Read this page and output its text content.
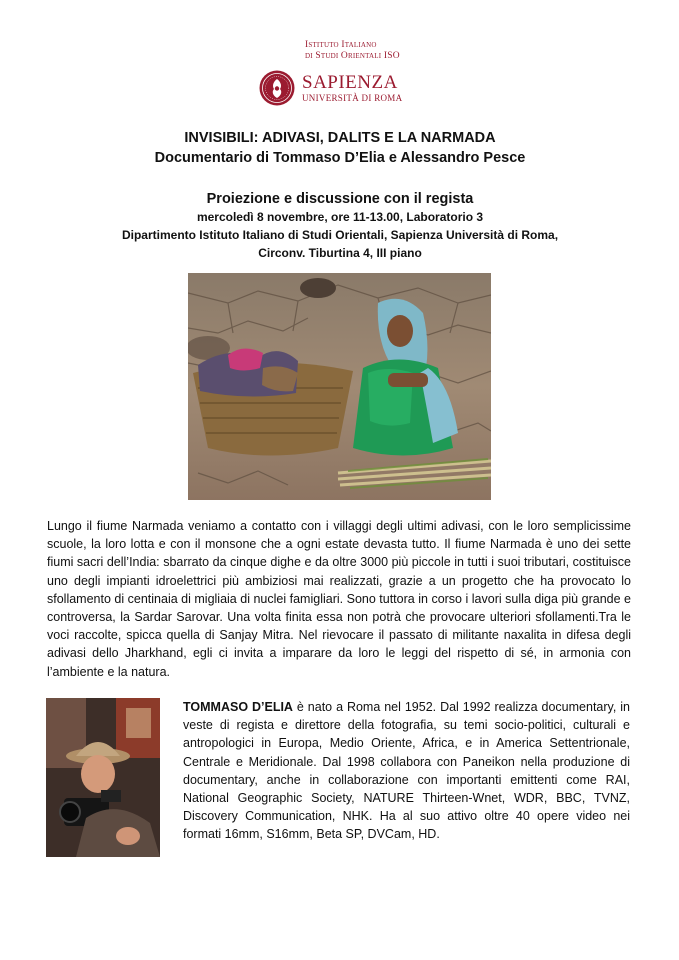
Istituto Italiano
di Studi Orientali ISO
SAPIENZA
UNIVERSITÀ DI ROMA
INVISIBILI: ADIVASI, DALITS E LA NARMADA
Documentario di Tommaso D’Elia e Alessandro Pesce
Proiezione e discussione con il regista
mercoledì 8 novembre, ore 11-13.00, Laboratorio 3
Dipartimento Istituto Italiano di Studi Orientali, Sapienza Università di Roma,
Circonv. Tiburtina 4, III piano

Lungo il fiume Narmada veniamo a contatto con i villaggi degli ultimi adivasi, con le loro semplicissime scuole, la loro lotta e con il monsone che a ogni estate devasta tutto. Il fiume Narmada è uno dei sette fiumi sacri dell’India: sbarrato da cinque dighe e da oltre 3000 più piccole in tutti i suoi tributari, costituisce uno degli impianti idroelettrici più ambiziosi mai realizzati, grazie a un progetto che ha provocato lo sfollamento di centinaia di migliaia di nuclei famigliari. Sono tuttora in corso i lavori sulla diga più grande e controversa, la Sardar Sarovar. Una volta finita essa non potrà che provocare ulteriori sfollamenti.Tra le voci raccolte, spicca quella di Sanjay Mitra. Nel rievocare il passato di militante naxalita in difesa degli adivasi dello Jharkhand, egli ci invita a imparare da loro le leggi del rispetto di sé, in armonia con l’ambiente e la natura.

TOMMASO D’ELIA è nato a Roma nel 1952. Dal 1992 realizza documentary, in veste di regista e direttore della fotografia, su temi socio-politici, culturali e antropologici in Europa, Medio Oriente, Africa, e in America Settentrionale, Centrale e Meridionale. Dal 1998 collabora con Paneikon nella produzione di documentary, anche in collaborazione con importanti emittenti come RAI, National Geographic Society, NATURE Thirteen-Wnet, WDR, BBC, TVNZ, Discovery Communication, NHK. Ha al suo attivo oltre 40 opere video nei formati 16mm, S16mm, Beta SP, DVCam, HD.
